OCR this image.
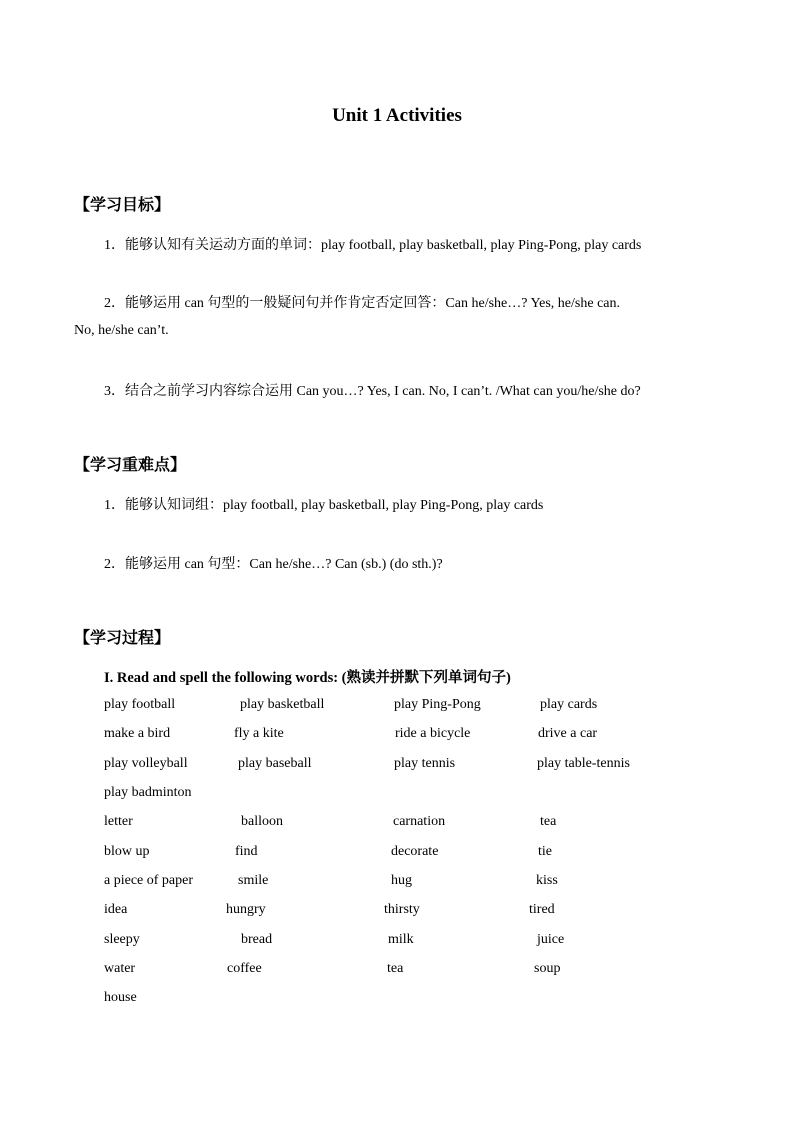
Unit 1 Activities
【学习目标】
1．能够认知有关运动方面的单词：play football, play basketball, play Ping-Pong, play cards
2．能够运用 can 句型的一般疑问句并作肯定否定回答：Can he/she…? Yes, he/she can.
No, he/she can’t.
3．结合之前学习内容综合运用 Can you…? Yes, I can. No, I can’t. /What can you/he/she do?
【学习重难点】
1．能够认知词组：play football, play basketball, play Ping-Pong, play cards
2．能够运用 can 句型：Can he/she…? Can (sb.) (do sth.)?
【学习过程】
I. Read and spell the following words: (熟读并拼默下列单词句子)
play football	play basketball	play Ping-Pong	play cards
make a bird	fly a kite	ride a bicycle	drive a car
play volleyball	play baseball	play tennis	play table-tennis
play badminton
letter	balloon	carnation	tea
blow up	find	decorate	tie
a piece of paper	smile	hug	kiss
idea	hungry	thirsty	tired
sleepy	bread	milk	juice
water	coffee	tea	soup
house
